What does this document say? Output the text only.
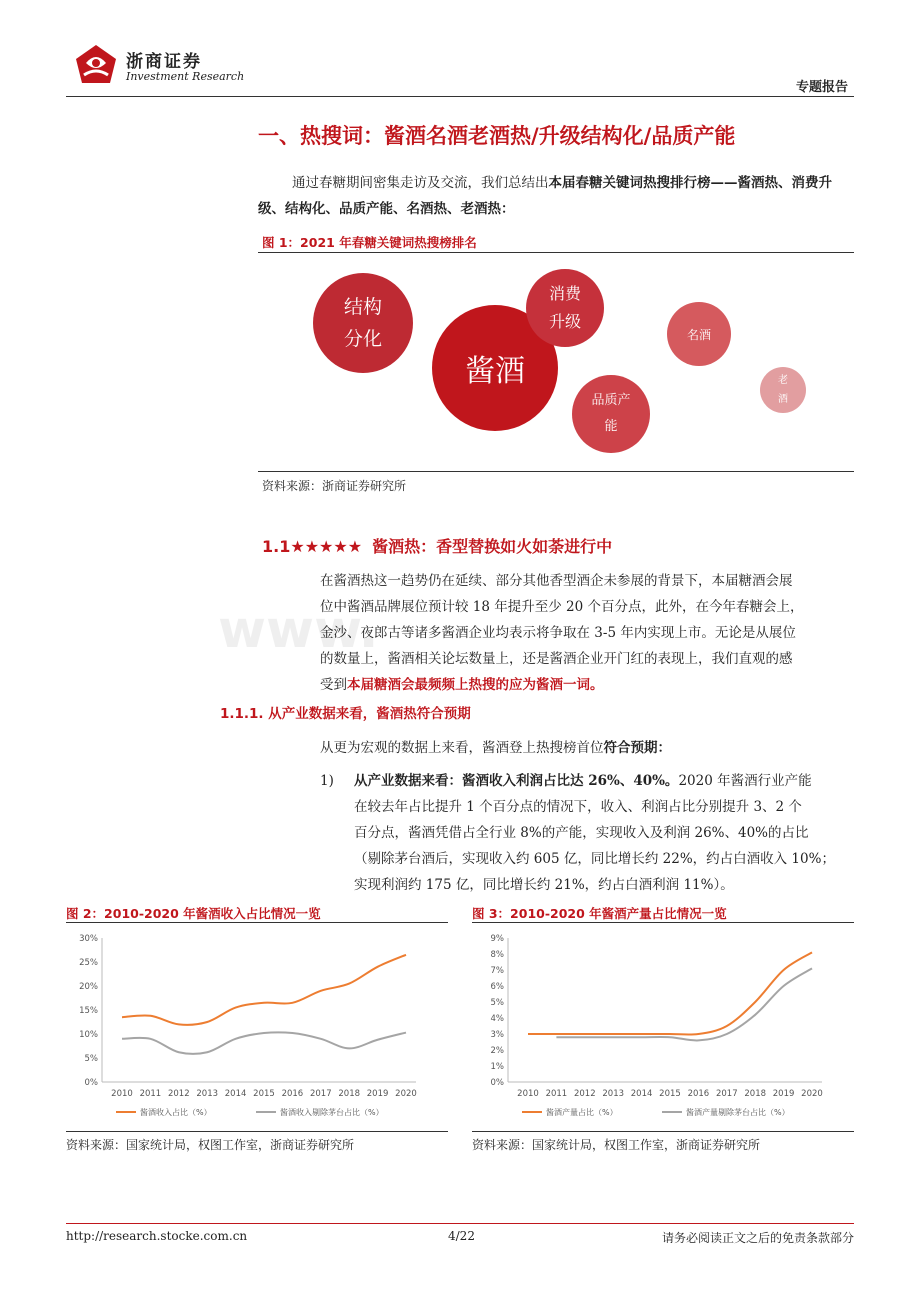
浙商证券
Investment Research
专题报告
www.
一、热搜词：酱酒名酒老酒热/升级结构化/品质产能
通过春糖期间密集走访及交流，我们总结出本届春糖关键词热搜排行榜——酱酒热、消费升级、结构化、品质产能、名酒热、老酒热：
图 1：2021 年春糖关键词热搜榜排名
结构
分化
酱酒
消费
升级
名酒
品质产
能
老
酒
资料来源：浙商证券研究所
1.1★★★★★ 酱酒热：香型替换如火如荼进行中
在酱酒热这一趋势仍在延续、部分其他香型酒企未参展的背景下，本届糖酒会展
位中酱酒品牌展位预计较 18 年提升至少 20 个百分点，此外，在今年春糖会上，
金沙、夜郎古等诸多酱酒企业均表示将争取在 3-5 年内实现上市。无论是从展位
的数量上，酱酒相关论坛数量上，还是酱酒企业开门红的表现上，我们直观的感
受到本届糖酒会最频频上热搜的应为酱酒一词。
1.1.1. 从产业数据来看，酱酒热符合预期
从更为宏观的数据上来看，酱酒登上热搜榜首位符合预期：
1) 从产业数据来看：酱酒收入利润占比达 26%、40%。2020 年酱酒行业产能
在较去年占比提升 1 个百分点的情况下，收入、利润占比分别提升 3、2 个
百分点，酱酒凭借占全行业 8%的产能，实现收入及利润 26%、40%的占比
（剔除茅台酒后，实现收入约 605 亿，同比增长约 22%，约占白酒收入 10%；
实现利润约 175 亿，同比增长约 21%，约占白酒利润 11%）。
图 2：2010-2020 年酱酒收入占比情况一览	图 3：2010-2020 年酱酒产量占比情况一览
0%
5%
10%
15%
20%
25%
30%
2010 2011 2012 2013 2014 2015 2016 2017 2018 2019 2020
酱酒收入占比（%）	酱酒收入剔除茅台占比（%）
0%
1%
2%
3%
4%
5%
6%
7%
8%
9%
2010 2011 2012 2013 2014 2015 2016 2017 2018 2019 2020
酱酒产量占比（%）	酱酒产量剔除茅台占比（%）
资料来源：国家统计局，权图工作室，浙商证券研究所	资料来源：国家统计局，权图工作室，浙商证券研究所
http://research.stocke.com.cn	4/22	请务必阅读正文之后的免责条款部分
